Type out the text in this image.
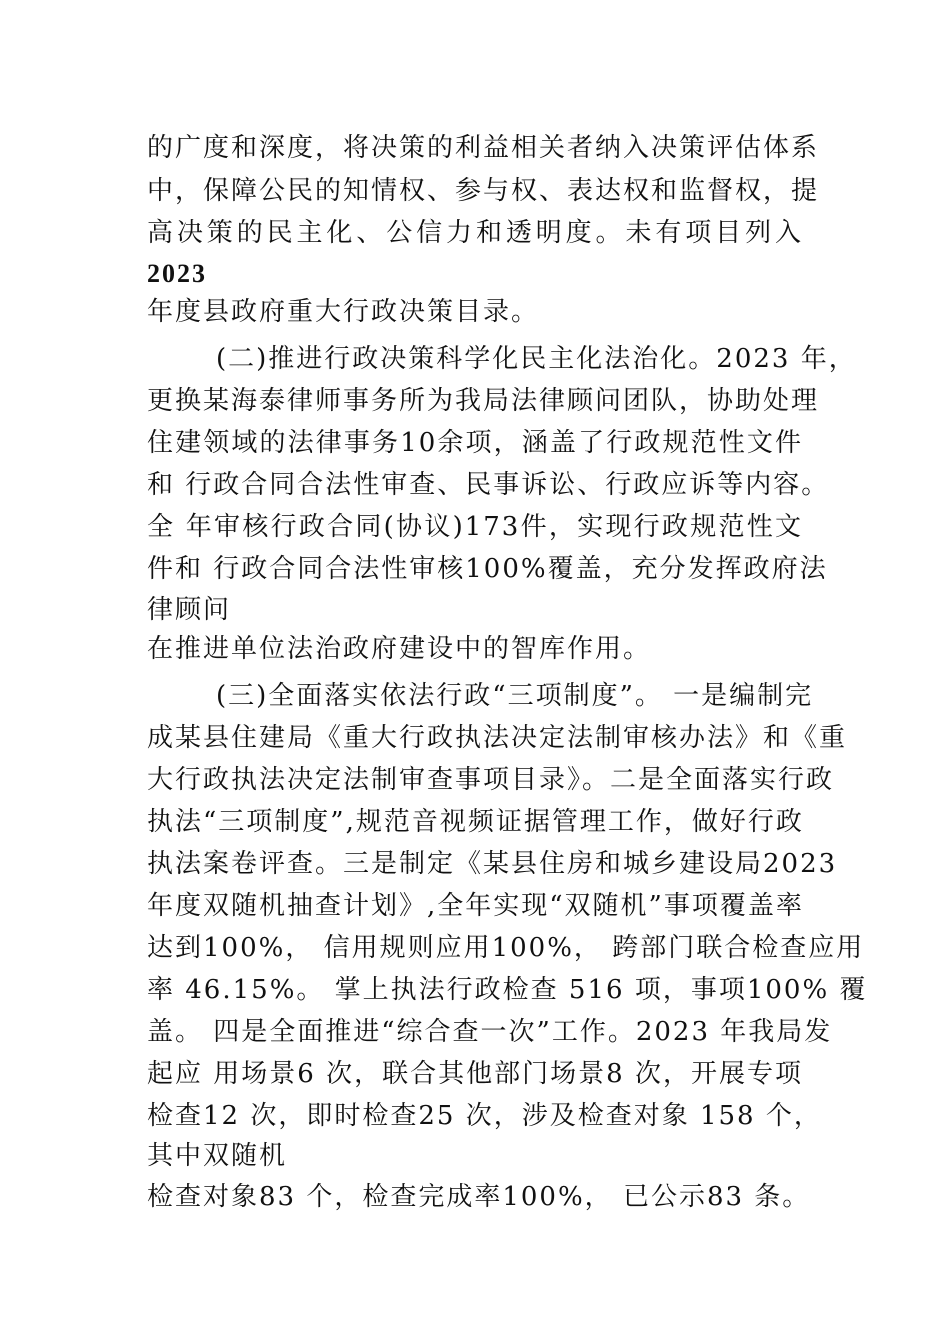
的广度和深度，将决策的利益相关者纳入决策评估体系
中，保障公民的知情权、参与权、表达权和监督权，提
高决策的民主化、公信力和透明度。未有项目列入
2023
年度县政府重大行政决策目录。
(二)推进行政决策科学化民主化法治化。2023 年，
更换某海泰律师事务所为我局法律顾问团队，协助处理
住建领域的法律事务10余项，涵盖了行政规范性文件
和 行政合同合法性审查、民事诉讼、行政应诉等内容。
全 年审核行政合同(协议)173件，实现行政规范性文
件和 行政合同合法性审核100%覆盖，充分发挥政府法
律顾问
在推进单位法治政府建设中的智库作用。
(三)全面落实依法行政“三项制度”。 一是编制完
成某县住建局《重大行政执法决定法制审核办法》和《重
大行政执法决定法制审查事项目录》。二是全面落实行政
执法“三项制度”,规范音视频证据管理工作，做好行政
执法案卷评查。三是制定《某县住房和城乡建设局2023
年度双随机抽查计划》,全年实现“双随机”事项覆盖率
达到100%， 信用规则应用100%， 跨部门联合检查应用
率 46.15%。 掌上执法行政检查 516 项，事项100% 覆
盖。 四是全面推进“综合查一次”工作。2023 年我局发
起应 用场景6 次，联合其他部门场景8 次，开展专项
检查12 次，即时检查25 次，涉及检查对象 158 个，
其中双随机
检查对象83 个，检查完成率100%， 已公示83 条。
